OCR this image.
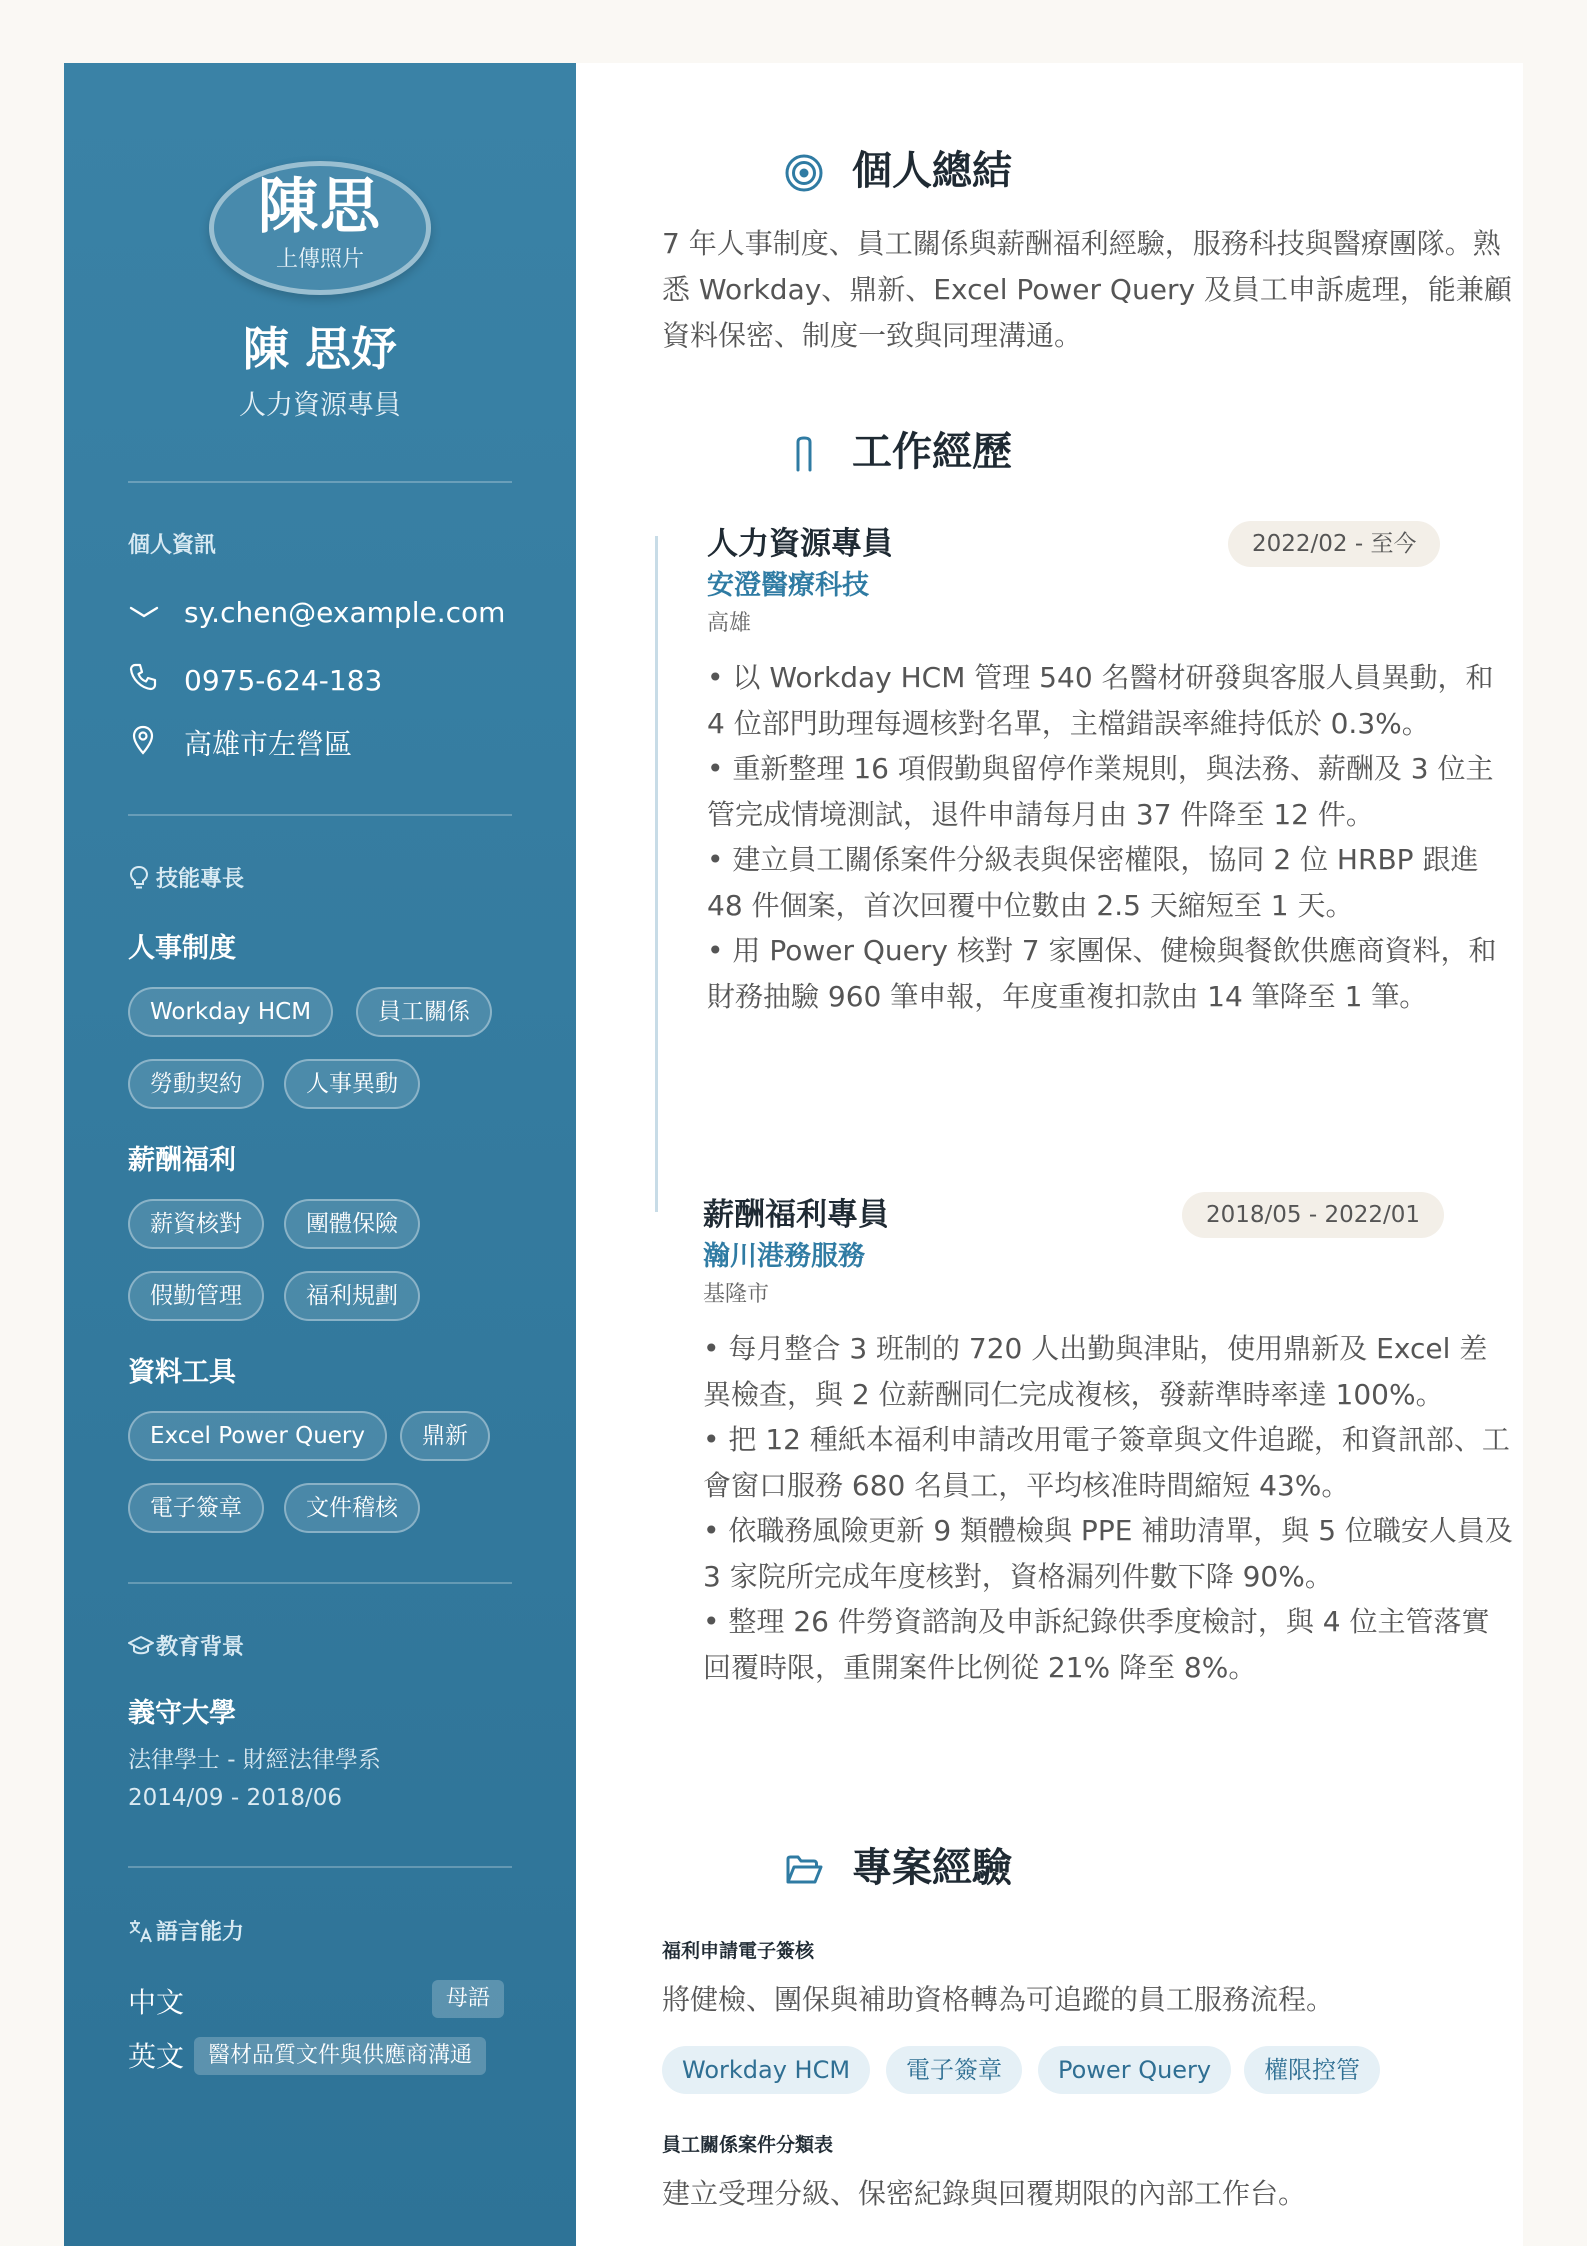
陳思
上傳照片
陳 思妤
人力資源專員
個人資訊
sy.chen@example.com
0975-624-183
高雄市左營區
技能專長
人事制度
Workday HCM	員工關係
勞動契約	人事異動
薪酬福利
薪資核對	團體保險
假勤管理	福利規劃
資料工具
Excel Power Query	鼎新
電子簽章	文件稽核
教育背景
義守大學
法律學士 - 財經法律學系
2014/09 - 2018/06
語言能力
中文	母語
英文	醫材品質文件與供應商溝通
個人總結
7 年人事制度、員工關係與薪酬福利經驗，服務科技與醫療團隊。熟悉 Workday、鼎新、Excel Power Query 及員工申訴處理，能兼顧資料保密、制度一致與同理溝通。
工作經歷
人力資源專員	2022/02 - 至今
安澄醫療科技
高雄
• 以 Workday HCM 管理 540 名醫材研發與客服人員異動，和 4 位部門助理每週核對名單，主檔錯誤率維持低於 0.3%。
• 重新整理 16 項假勤與留停作業規則，與法務、薪酬及 3 位主管完成情境測試，退件申請每月由 37 件降至 12 件。
• 建立員工關係案件分級表與保密權限，協同 2 位 HRBP 跟進 48 件個案，首次回覆中位數由 2.5 天縮短至 1 天。
• 用 Power Query 核對 7 家團保、健檢與餐飲供應商資料，和財務抽驗 960 筆申報，年度重複扣款由 14 筆降至 1 筆。
薪酬福利專員	2018/05 - 2022/01
瀚川港務服務
基隆市
• 每月整合 3 班制的 720 人出勤與津貼，使用鼎新及 Excel 差異檢查，與 2 位薪酬同仁完成複核，發薪準時率達 100%。
• 把 12 種紙本福利申請改用電子簽章與文件追蹤，和資訊部、工會窗口服務 680 名員工，平均核准時間縮短 43%。
• 依職務風險更新 9 類體檢與 PPE 補助清單，與 5 位職安人員及 3 家院所完成年度核對，資格漏列件數下降 90%。
• 整理 26 件勞資諮詢及申訴紀錄供季度檢討，與 4 位主管落實回覆時限，重開案件比例從 21% 降至 8%。
專案經驗
福利申請電子簽核
將健檢、團保與補助資格轉為可追蹤的員工服務流程。
Workday HCM	電子簽章	Power Query	權限控管
員工關係案件分類表
建立受理分級、保密紀錄與回覆期限的內部工作台。
